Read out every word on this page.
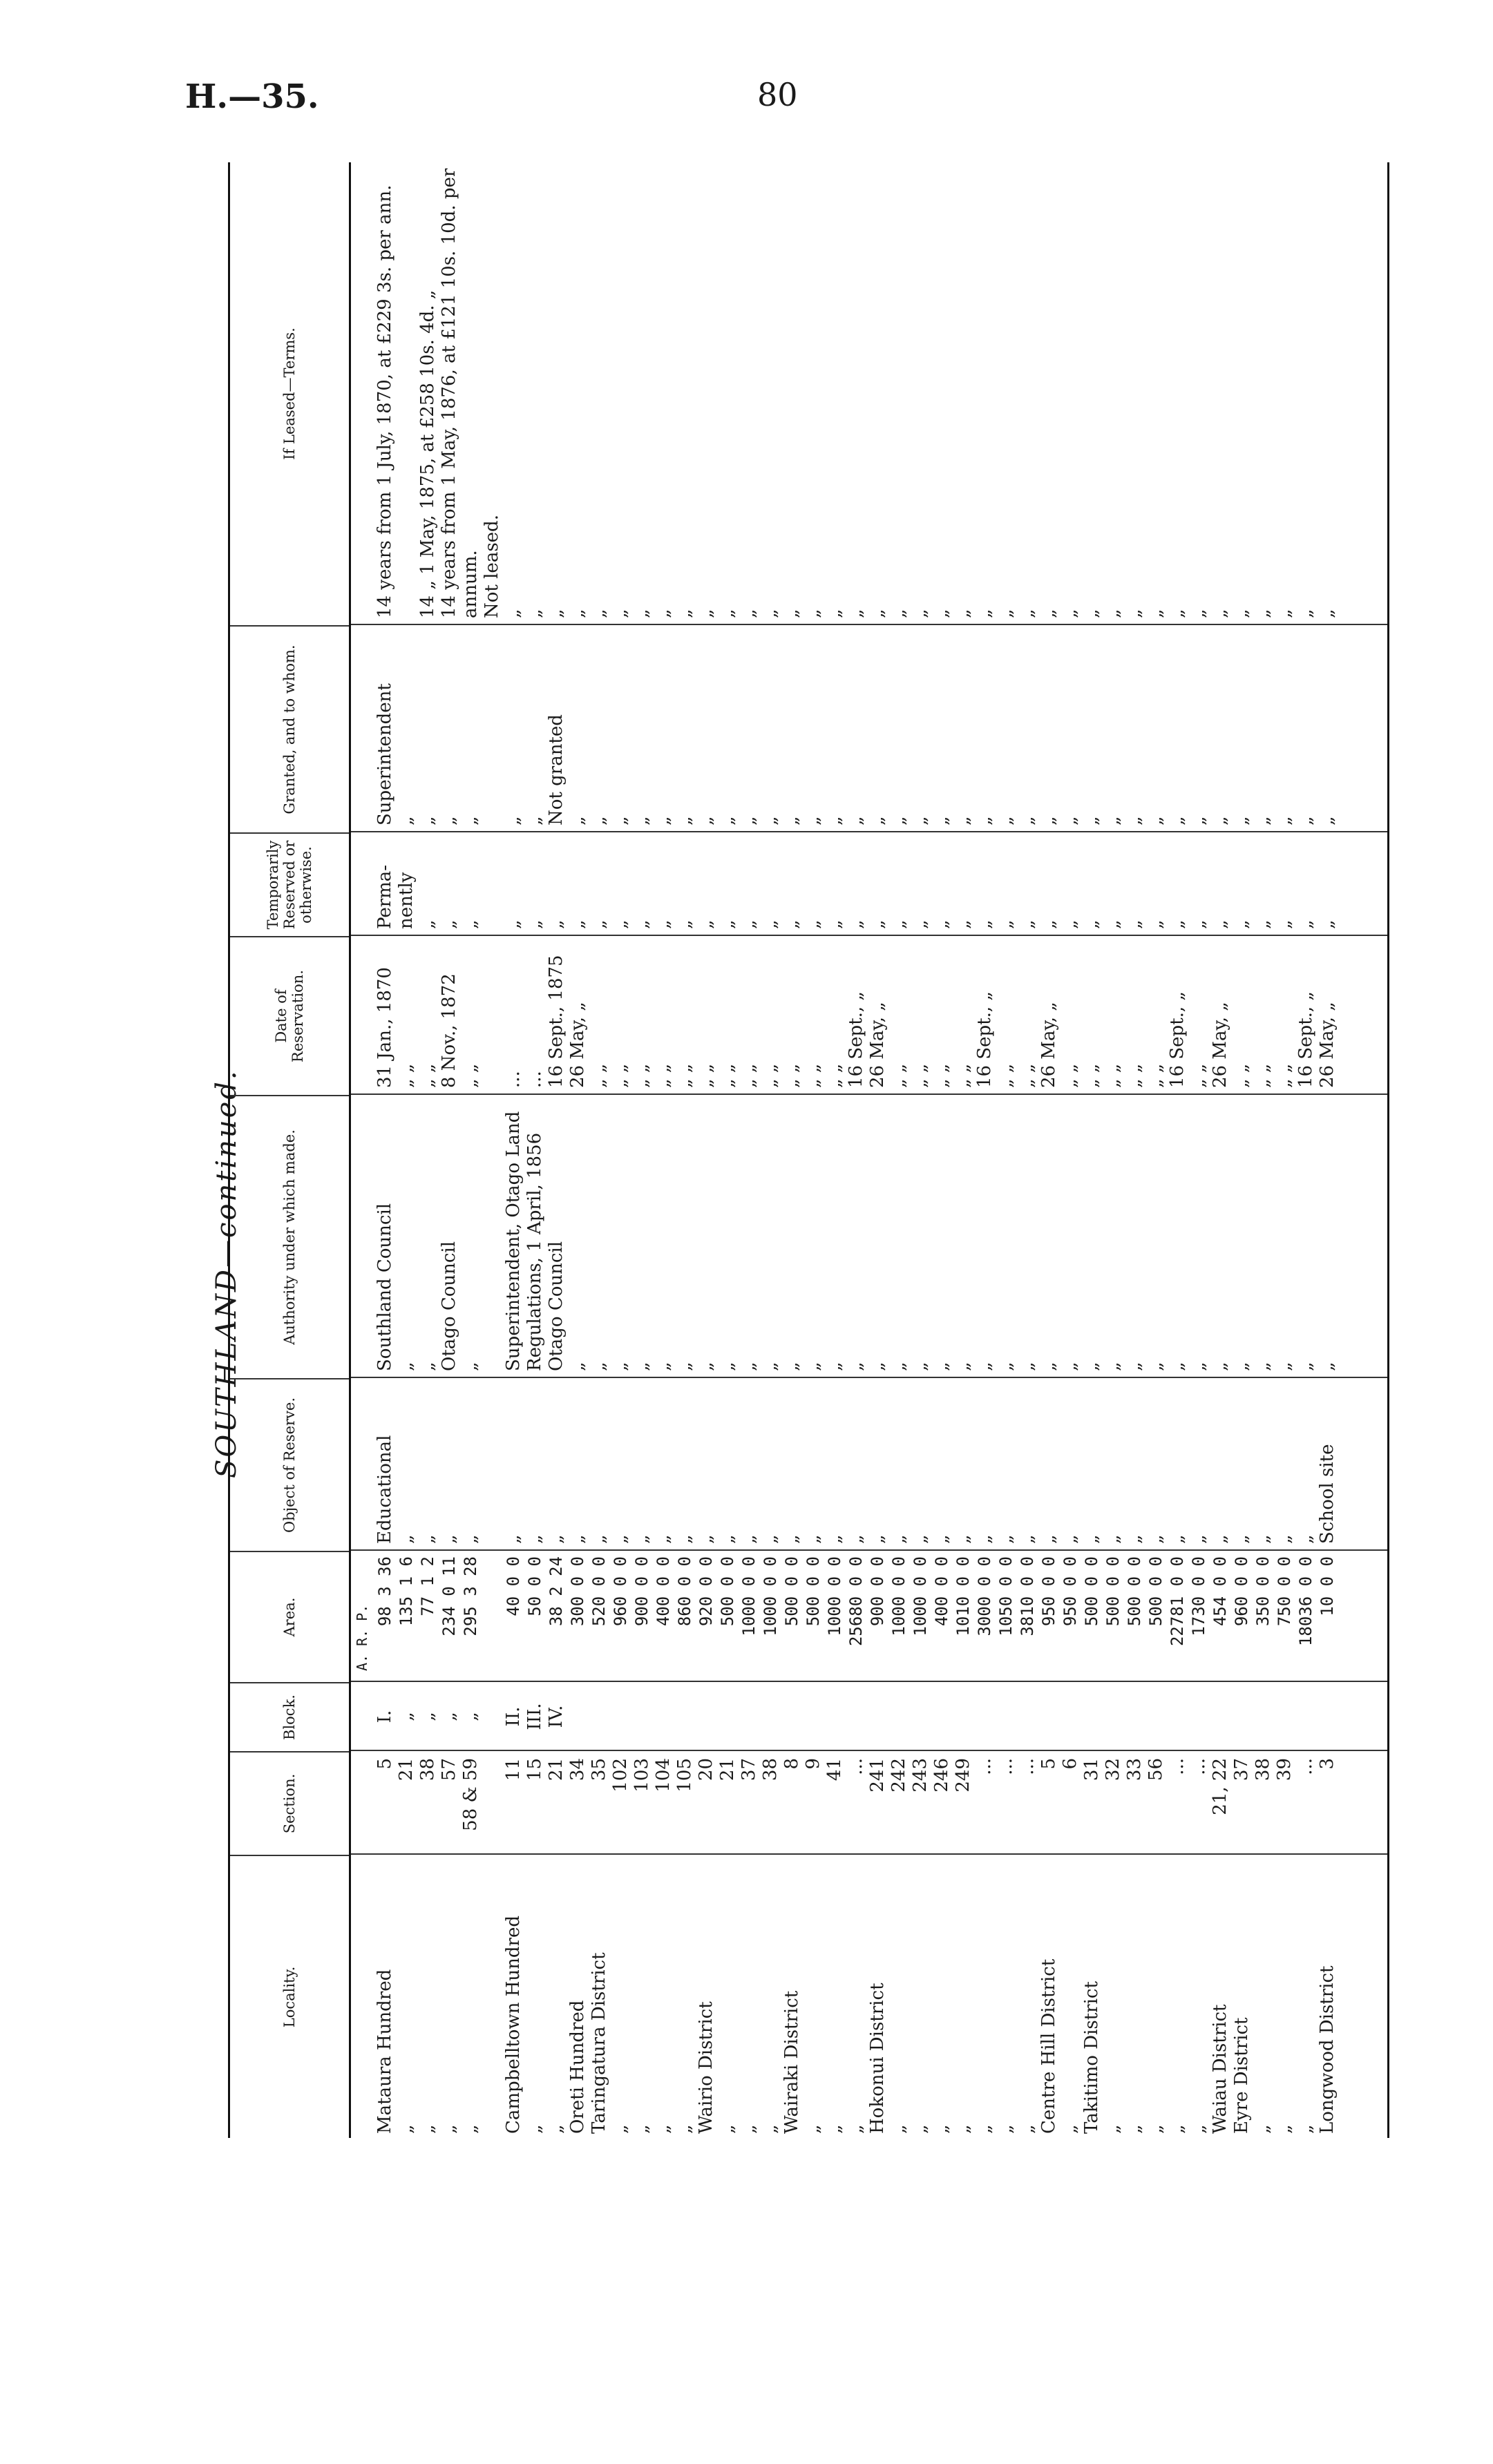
H.—35.	80
SOUTHLAND—continued.
Locality.
Section.
Block.
Area.
Object of Reserve.
Authority under which made.
Date of Reservation.
Temporarily Reserved or otherwise.
Granted, and to whom.
If Leased—Terms.
A. R. P.
Mataura Hundred
5
I.
98 3 36
Educational
Southland Council
31 Jan., 1870
Perma-
Superintendent
14 years from 1 July, 1870, at £229 3s. per ann.
„
21
„
135 1 6
„
„
„ „
nently
„
„
38
„
77 1 2
„
„
„ „
„
„
14 „ 1 May, 1875, at £258 10s. 4d. „
„
57
„
234 0 11
„
Otago Council
8 Nov., 1872
„
„
14 years from 1 May, 1876, at £121 10s. 10d. per
„
58 & 59
„
295 3 28
„
„
„ „
„
„
annum. Not leased.
Campbelltown Hundred
11
II.
40 0 0
„
Superintendent, Otago Land
...
„
„
„
„
15
III.
50 0 0
„
Regulations, 1 April, 1856
...
„
„
„
„
21
IV.
38 2 24
„
Otago Council
16 Sept., 1875
„
Not granted
„
Oreti Hundred
34
300 0 0
„
„
26 May, „
„
„
„
Taringatura District
35
520 0 0
„
„
„ „
„
„
„
„
102
960 0 0
„
„
„ „
„
„
„
„
103
900 0 0
„
„
„ „
„
„
„
„
104
400 0 0
„
„
„ „
„
„
„
„
105
860 0 0
„
„
„ „
„
„
„
Wairio District
20
920 0 0
„
„
„ „
„
„
„
„
21
500 0 0
„
„
„ „
„
„
„
„
37
1000 0 0
„
„
„ „
„
„
„
„
38
1000 0 0
„
„
„ „
„
„
„
Wairaki District
8
500 0 0
„
„
„ „
„
„
„
„
9
500 0 0
„
„
„ „
„
„
„
„
41
1000 0 0
„
„
„ „
„
„
„
„
...
25680 0 0
„
„
16 Sept., „
„
„
„
Hokonui District
241
900 0 0
„
„
26 May, „
„
„
„
„
242
1000 0 0
„
„
„ „
„
„
„
„
243
1000 0 0
„
„
„ „
„
„
„
„
246
400 0 0
„
„
„ „
„
„
„
„
249
1010 0 0
„
„
„ „
„
„
„
„
...
3000 0 0
„
„
16 Sept., „
„
„
„
„
...
1050 0 0
„
„
„ „
„
„
„
„
...
3810 0 0
„
„
„ „
„
„
„
Centre Hill District
5
950 0 0
„
„
26 May, „
„
„
„
„
6
950 0 0
„
„
„ „
„
„
„
Takitimo District
31
500 0 0
„
„
„ „
„
„
„
„
32
500 0 0
„
„
„ „
„
„
„
„
33
500 0 0
„
„
„ „
„
„
„
„
56
500 0 0
„
„
„ „
„
„
„
„
...
22781 0 0
„
„
16 Sept., „
„
„
„
„
...
1730 0 0
„
„
„ „
„
„
„
Waiau District
21, 22
454 0 0
„
„
26 May, „
„
„
„
Eyre District
37
960 0 0
„
„
„ „
„
„
„
„
38
350 0 0
„
„
„ „
„
„
„
„
39
750 0 0
„
„
„ „
„
„
„
„
...
18036 0 0
„
„
16 Sept., „
„
„
„
Longwood District
3
10 0 0
School site
„
26 May, „
„
„
„
